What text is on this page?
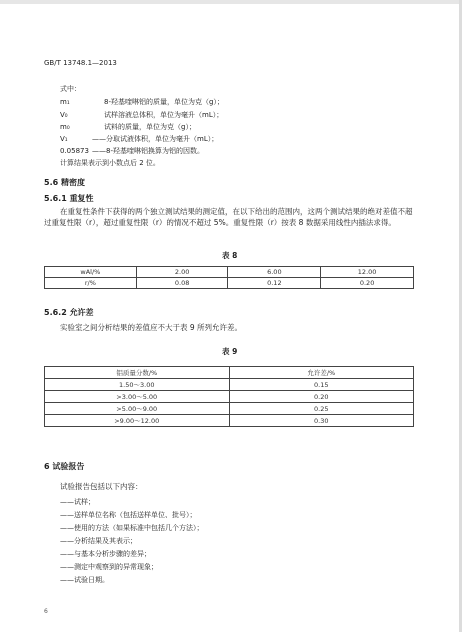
GB/T 13748.1—2013
式中：
m₁	8-羟基喹啉铝的质量，单位为克（g）；
V₀	试样溶液总体积，单位为毫升（mL）；
m₀	试料的质量，单位为克（g）；
V₁	——分取试液体积，单位为毫升（mL）；
0.05873 ——8-羟基喹啉铝换算为铝的因数。
计算结果表示到小数点后 2 位。
5.6 精密度
5.6.1 重复性
在重复性条件下获得的两个独立测试结果的测定值，在以下给出的范围内，这两个测试结果的绝对差值不超过重复性限（r），超过重复性限（r）的情况不超过 5%。重复性限（r）按表 8 数据采用线性内插法求得。
表 8
wAl/%	2.00	6.00	12.00
r/%	0.08	0.12	0.20
5.6.2 允许差
实验室之间分析结果的差值应不大于表 9 所列允许差。
表 9
铝质量分数/%	允许差/%
1.50～3.00	0.15
>3.00～5.00	0.20
>5.00～9.00	0.25
>9.00～12.00	0.30
6 试验报告
试验报告包括以下内容：
——试样；
——送样单位名称（包括送样单位、批号）；
——使用的方法（如果标准中包括几个方法）；
——分析结果及其表示；
——与基本分析步骤的差异；
——测定中观察到的异常现象；
——试验日期。
6
